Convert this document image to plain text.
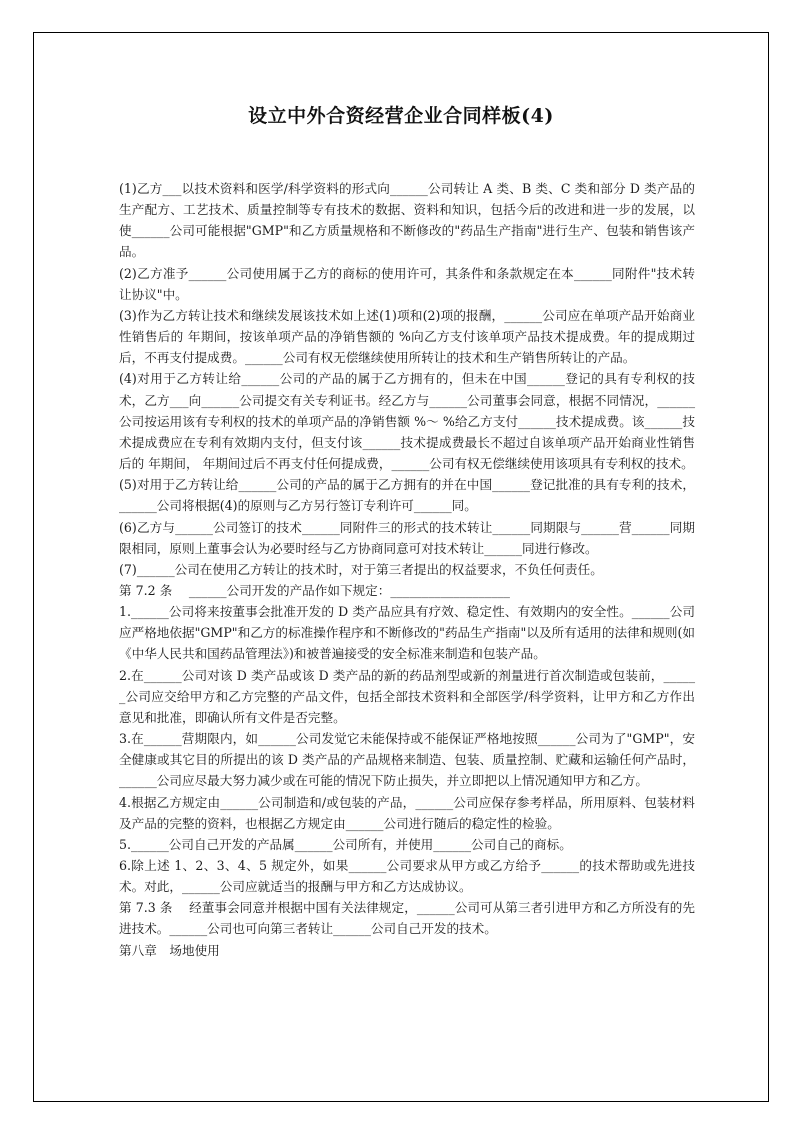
设立中外合资经营企业合同样板(4)

(1)乙方___以技术资料和医学/科学资料的形式向______公司转让 A 类、B 类、C 类和部分 D 类产品的生产配方、工艺技术、质量控制等专有技术的数据、资料和知识，包括今后的改进和进一步的发展，以使______公司可能根据"GMP"和乙方质量规格和不断修改的"药品生产指南"进行生产、包装和销售该产品。

(2)乙方准予______公司使用属于乙方的商标的使用许可，其条件和条款规定在本______同附件"技术转让协议"中。

(3)作为乙方转让技术和继续发展该技术如上述(1)项和(2)项的报酬，______公司应在单项产品开始商业性销售后的 年期间，按该单项产品的净销售额的 %向乙方支付该单项产品技术提成费。年的提成期过后，不再支付提成费。______公司有权无偿继续使用所转让的技术和生产销售所转让的产品。

(4)对用于乙方转让给______公司的产品的属于乙方拥有的，但未在中国______登记的具有专利权的技术，乙方___向______公司提交有关专利证书。经乙方与______公司董事会同意，根据不同情况，______公司按运用该有专利权的技术的单项产品的净销售额 %～ %给乙方支付______技术提成费。该______技术提成费应在专利有效期内支付，但支付该______技术提成费最长不超过自该单项产品开始商业性销售后的 年期间， 年期间过后不再支付任何提成费，______公司有权无偿继续使用该项具有专利权的技术。

(5)对用于乙方转让给______公司的产品的属于乙方拥有的并在中国______登记批准的具有专利的技术，______公司将根据(4)的原则与乙方另行签订专利许可______同。

(6)乙方与______公司签订的技术______同附件三的形式的技术转让______同期限与______营______同期限相同，原则上董事会认为必要时经与乙方协商同意可对技术转让______同进行修改。

(7)______公司在使用乙方转让的技术时，对于第三者提出的权益要求，不负任何责任。

第 7.2 条　 ______公司开发的产品作如下规定：___________________

1.______公司将来按董事会批准开发的 D 类产品应具有疗效、稳定性、有效期内的安全性。______公司应严格地依据"GMP"和乙方的标准操作程序和不断修改的"药品生产指南"以及所有适用的法律和规则(如《中华人民共和国药品管理法》)和被普遍接受的安全标准来制造和包装产品。

2.在______公司对该 D 类产品或该 D 类产品的新的药品剂型或新的剂量进行首次制造或包装前，______公司应交给甲方和乙方完整的产品文件，包括全部技术资料和全部医学/科学资料，让甲方和乙方作出意见和批准，即确认所有文件是否完整。

3.在______营期限内，如______公司发觉它未能保持或不能保证严格地按照______公司为了"GMP"，安全健康或其它目的所提出的该 D 类产品的产品规格来制造、包装、质量控制、贮藏和运输任何产品时，______公司应尽最大努力减少或在可能的情况下防止损失，并立即把以上情况通知甲方和乙方。

4.根据乙方规定由______公司制造和/或包装的产品，______公司应保存参考样品，所用原料、包装材料及产品的完整的资料，也根据乙方规定由______公司进行随后的稳定性的检验。

5.______公司自己开发的产品属______公司所有，并使用______公司自己的商标。

6.除上述 1、2、3、4、5 规定外，如果______公司要求从甲方或乙方给予______的技术帮助或先进技术。对此，______公司应就适当的报酬与甲方和乙方达成协议。

第 7.3 条　 经董事会同意并根据中国有关法律规定，______公司可从第三者引进甲方和乙方所没有的先进技术。______公司也可向第三者转让______公司自己开发的技术。

第八章　场地使用
